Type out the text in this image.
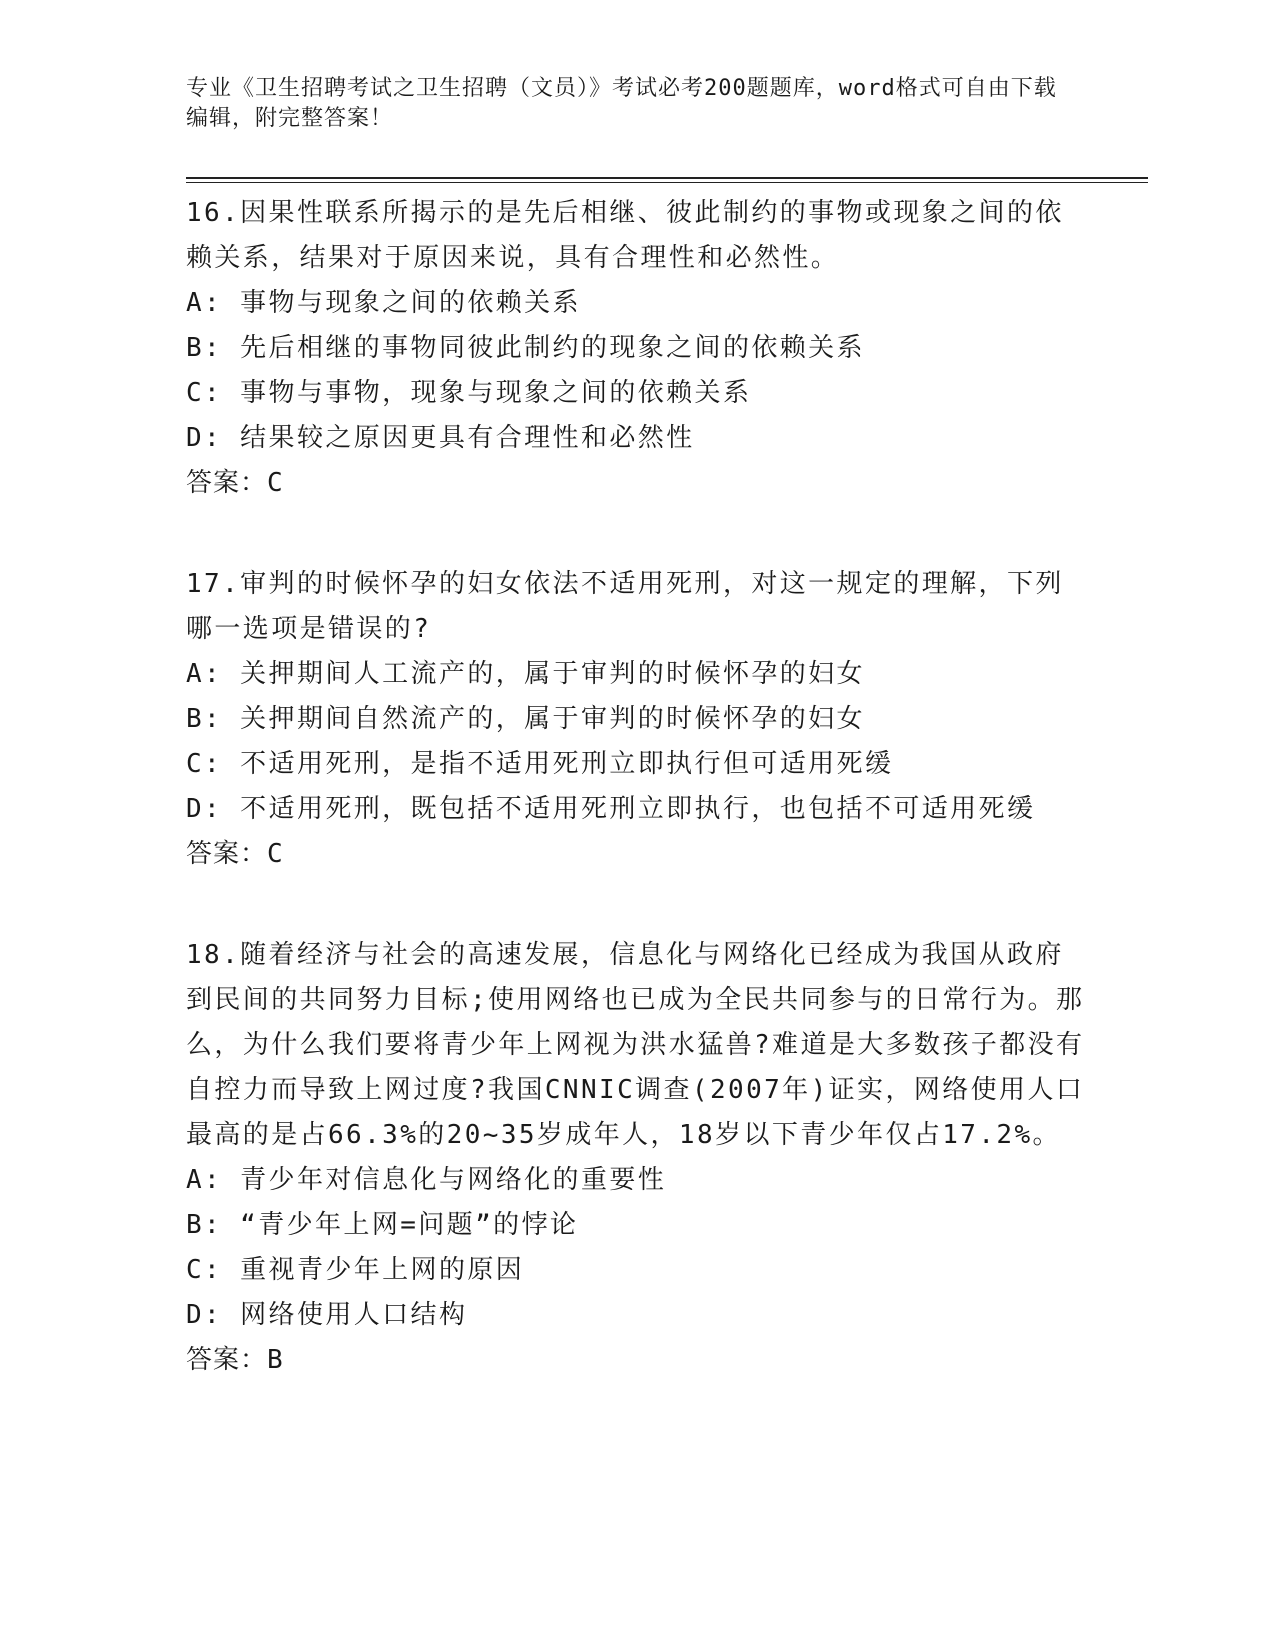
专业《卫生招聘考试之卫生招聘（文员）》考试必考200题题库，word格式可自由下载编辑，附完整答案！

16.因果性联系所揭示的是先后相继、彼此制约的事物或现象之间的依赖关系，结果对于原因来说，具有合理性和必然性。

A: 事物与现象之间的依赖关系
B: 先后相继的事物同彼此制约的现象之间的依赖关系
C: 事物与事物，现象与现象之间的依赖关系
D: 结果较之原因更具有合理性和必然性

答案：C

17.审判的时候怀孕的妇女依法不适用死刑，对这一规定的理解，下列哪一选项是错误的?

A: 关押期间人工流产的，属于审判的时候怀孕的妇女
B: 关押期间自然流产的，属于审判的时候怀孕的妇女
C: 不适用死刑，是指不适用死刑立即执行但可适用死缓
D: 不适用死刑，既包括不适用死刑立即执行，也包括不可适用死缓

答案：C

18.随着经济与社会的高速发展，信息化与网络化已经成为我国从政府到民间的共同努力目标;使用网络也已成为全民共同参与的日常行为。那么，为什么我们要将青少年上网视为洪水猛兽?难道是大多数孩子都没有自控力而导致上网过度?我国CNNIC调查(2007年)证实，网络使用人口最高的是占66.3%的20~35岁成年人，18岁以下青少年仅占17.2%。

A: 青少年对信息化与网络化的重要性
B: “青少年上网=问题”的悖论
C: 重视青少年上网的原因
D: 网络使用人口结构

答案：B
